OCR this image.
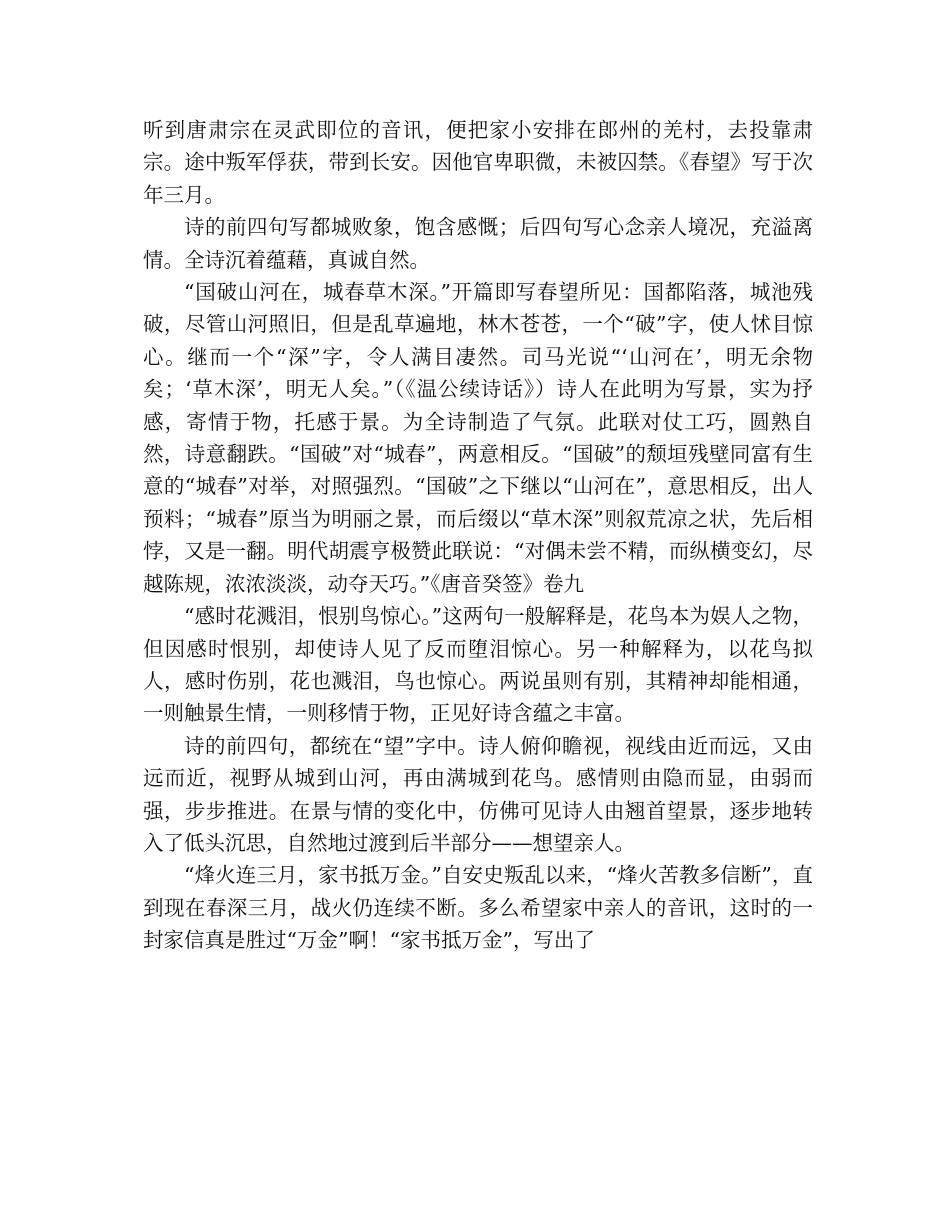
听到唐肃宗在灵武即位的音讯，便把家小安排在郎州的羌村，去投靠肃宗。途中叛军俘获，带到长安。因他官卑职微，未被囚禁。《春望》写于次年三月。

诗的前四句写都城败象，饱含感慨；后四句写心念亲人境况，充溢离情。全诗沉着蕴藉，真诚自然。

“国破山河在，城春草木深。”开篇即写春望所见：国都陷落，城池残破，尽管山河照旧，但是乱草遍地，林木苍苍，一个“破”字，使人怵目惊心。继而一个“深”字，令人满目凄然。司马光说“‘山河在’，明无余物矣；‘草木深’，明无人矣。”（《温公续诗话》）诗人在此明为写景，实为抒感，寄情于物，托感于景。为全诗制造了气氛。此联对仗工巧，圆熟自然，诗意翻跌。“国破”对“城春”，两意相反。“国破”的颓垣残壁同富有生意的“城春”对举，对照强烈。“国破”之下继以“山河在”，意思相反，出人预料；“城春”原当为明丽之景，而后缀以“草木深”则叙荒凉之状，先后相悖，又是一翻。明代胡震亨极赞此联说：“对偶未尝不精，而纵横变幻，尽越陈规，浓浓淡淡，动夺天巧。”《唐音癸签》卷九

“感时花溅泪，恨别鸟惊心。”这两句一般解释是，花鸟本为娱人之物，但因感时恨别，却使诗人见了反而堕泪惊心。另一种解释为，以花鸟拟人，感时伤别，花也溅泪，鸟也惊心。两说虽则有别，其精神却能相通，一则触景生情，一则移情于物，正见好诗含蕴之丰富。

诗的前四句，都统在“望”字中。诗人俯仰瞻视，视线由近而远，又由远而近，视野从城到山河，再由满城到花鸟。感情则由隐而显，由弱而强，步步推进。在景与情的变化中，仿佛可见诗人由翘首望景，逐步地转入了低头沉思，自然地过渡到后半部分——想望亲人。

“烽火连三月，家书抵万金。”自安史叛乱以来，“烽火苦教多信断”，直到现在春深三月，战火仍连续不断。多么希望家中亲人的音讯，这时的一封家信真是胜过“万金”啊！“家书抵万金”，写出了
